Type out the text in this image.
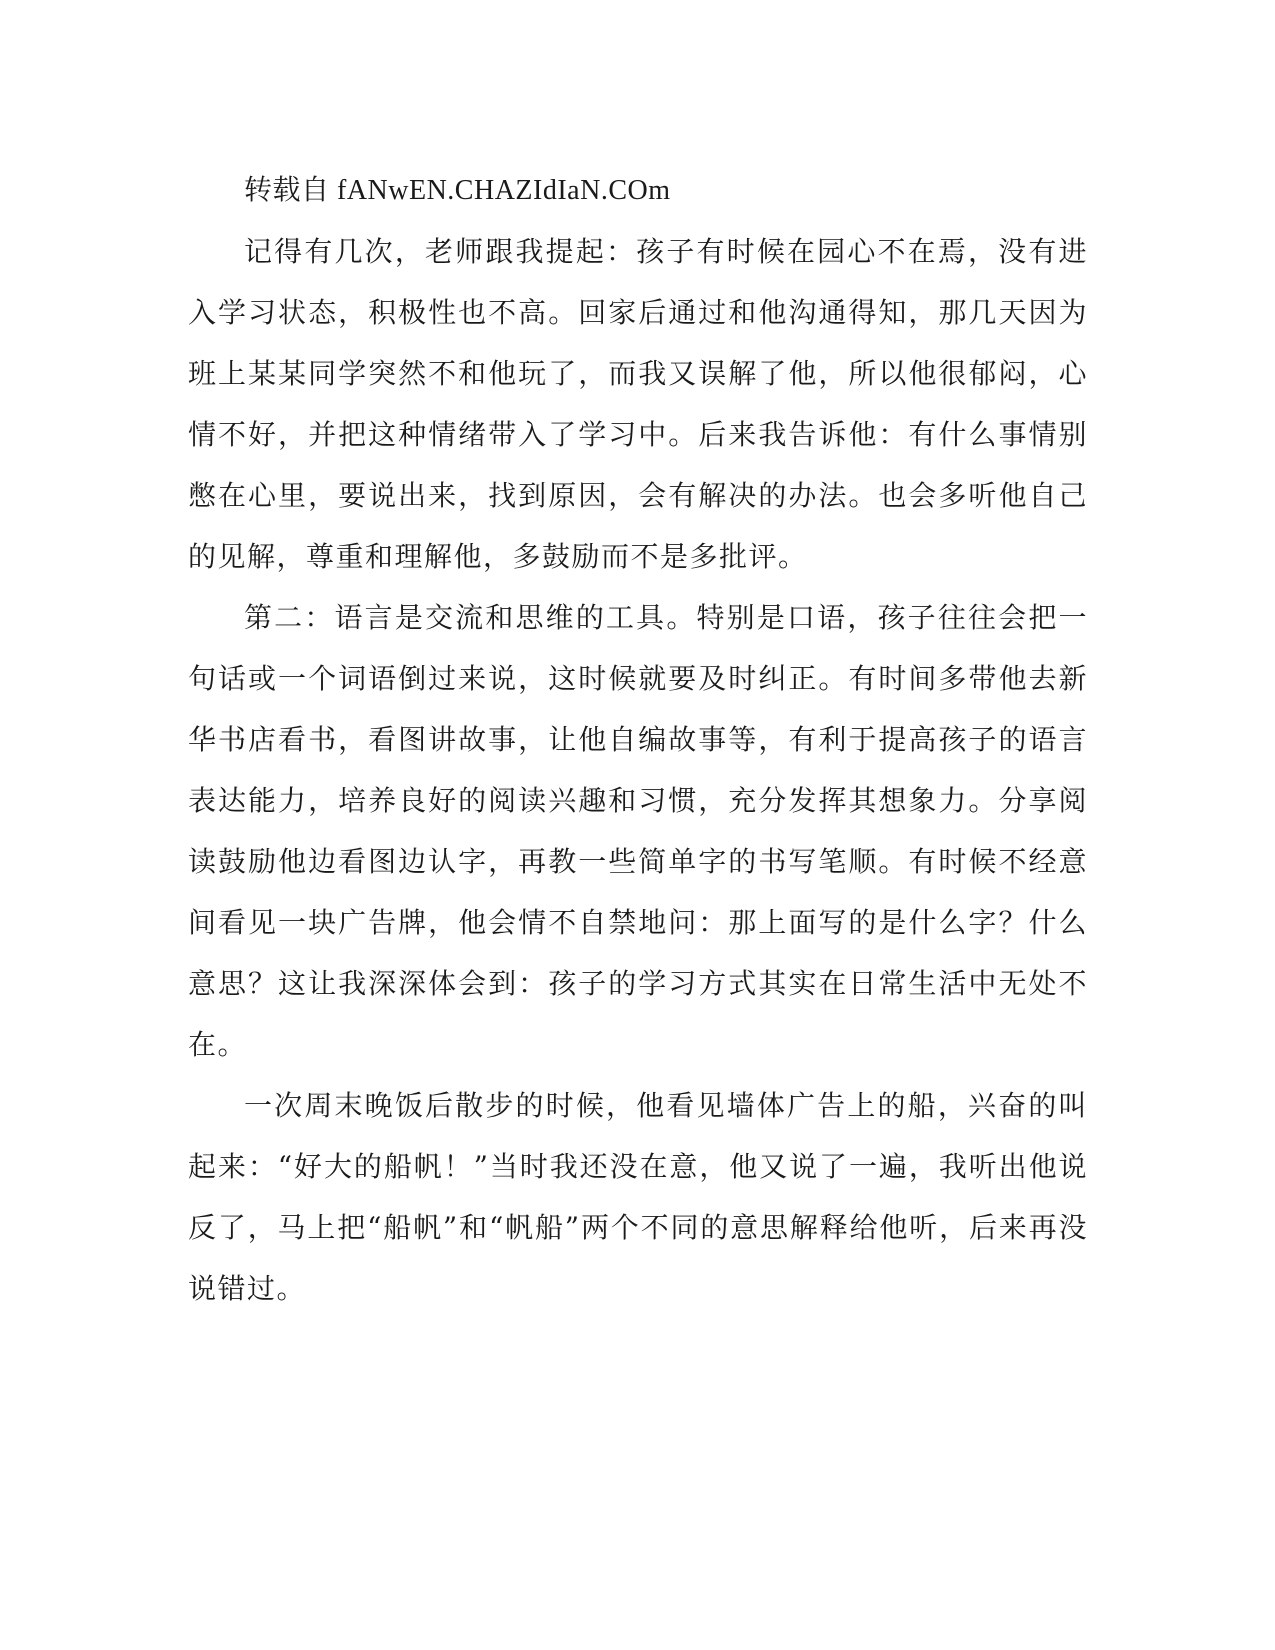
转载自 fANwEN.CHAZIdIaN.COm

记得有几次，老师跟我提起：孩子有时候在园心不在焉，没有进入学习状态，积极性也不高。回家后通过和他沟通得知，那几天因为班上某某同学突然不和他玩了，而我又误解了他，所以他很郁闷，心情不好，并把这种情绪带入了学习中。后来我告诉他：有什么事情别憋在心里，要说出来，找到原因，会有解决的办法。也会多听他自己的见解，尊重和理解他，多鼓励而不是多批评。

第二：语言是交流和思维的工具。特别是口语，孩子往往会把一句话或一个词语倒过来说，这时候就要及时纠正。有时间多带他去新华书店看书，看图讲故事，让他自编故事等，有利于提高孩子的语言表达能力，培养良好的阅读兴趣和习惯，充分发挥其想象力。分享阅读鼓励他边看图边认字，再教一些简单字的书写笔顺。有时候不经意间看见一块广告牌，他会情不自禁地问：那上面写的是什么字？什么意思？这让我深深体会到：孩子的学习方式其实在日常生活中无处不在。

一次周末晚饭后散步的时候，他看见墙体广告上的船，兴奋的叫起来：“好大的船帆！”当时我还没在意，他又说了一遍，我听出他说反了，马上把“船帆”和“帆船”两个不同的意思解释给他听，后来再没说错过。
